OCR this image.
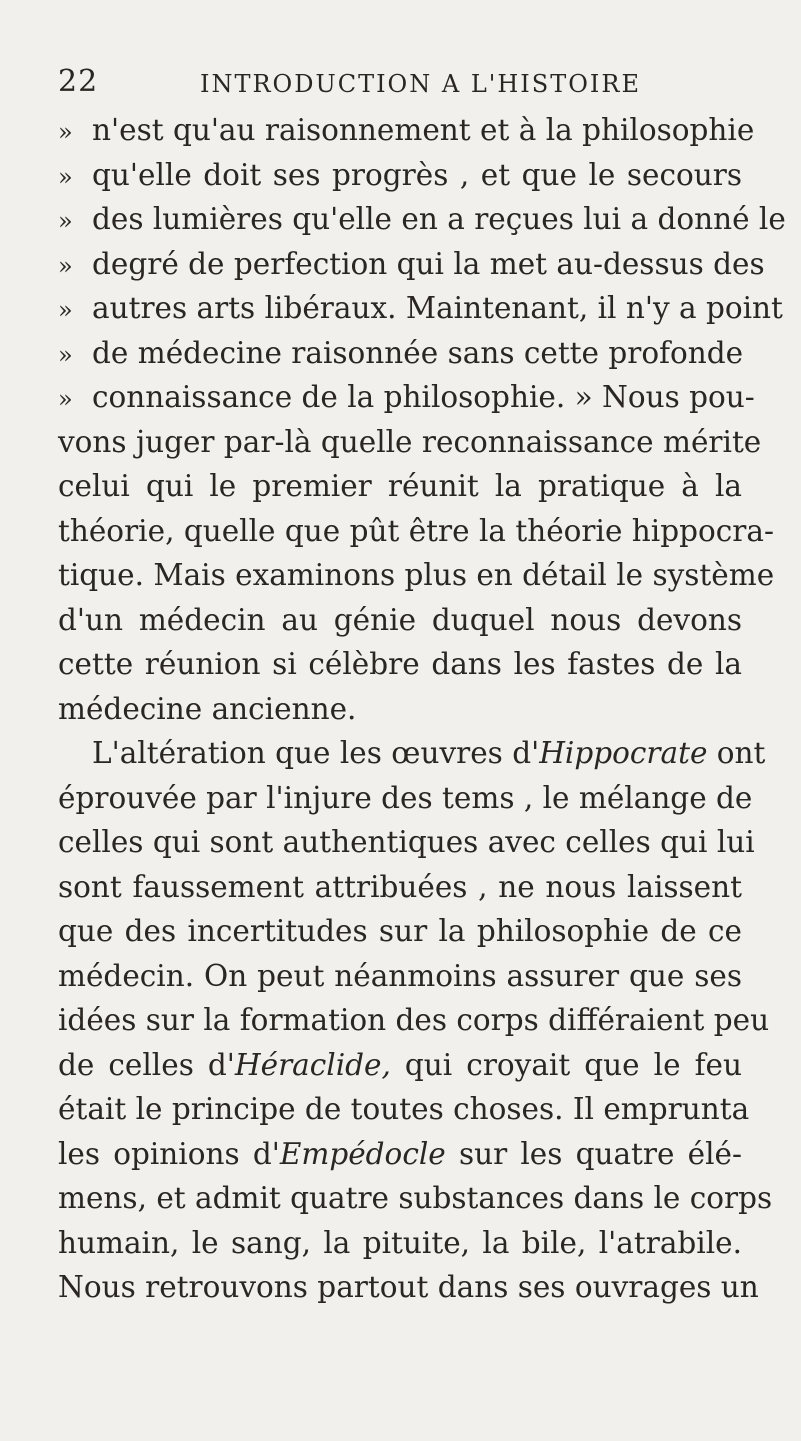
22	INTRODUCTION A L'HISTOIRE
» n'est qu'au raisonnement et à la philosophie
» qu'elle doit ses progrès , et que le secours
» des lumières qu'elle en a reçues lui a donné le
» degré de perfection qui la met au-dessus des
» autres arts libéraux. Maintenant, il n'y a point
» de médecine raisonnée sans cette profonde
» connaissance de la philosophie. » Nous pou-
vons juger par-là quelle reconnaissance mérite
celui qui le premier réunit la pratique à la
théorie, quelle que pût être la théorie hippocra-
tique. Mais examinons plus en détail le système
d'un médecin au génie duquel nous devons
cette réunion si célèbre dans les fastes de la
médecine ancienne.
L'altération que les œuvres d'Hippocrate ont
éprouvée par l'injure des tems , le mélange de
celles qui sont authentiques avec celles qui lui
sont faussement attribuées , ne nous laissent
que des incertitudes sur la philosophie de ce
médecin. On peut néanmoins assurer que ses
idées sur la formation des corps différaient peu
de celles d'Héraclide, qui croyait que le feu
était le principe de toutes choses. Il emprunta
les opinions d'Empédocle sur les quatre élé-
mens, et admit quatre substances dans le corps
humain, le sang, la pituite, la bile, l'atrabile.
Nous retrouvons partout dans ses ouvrages un
